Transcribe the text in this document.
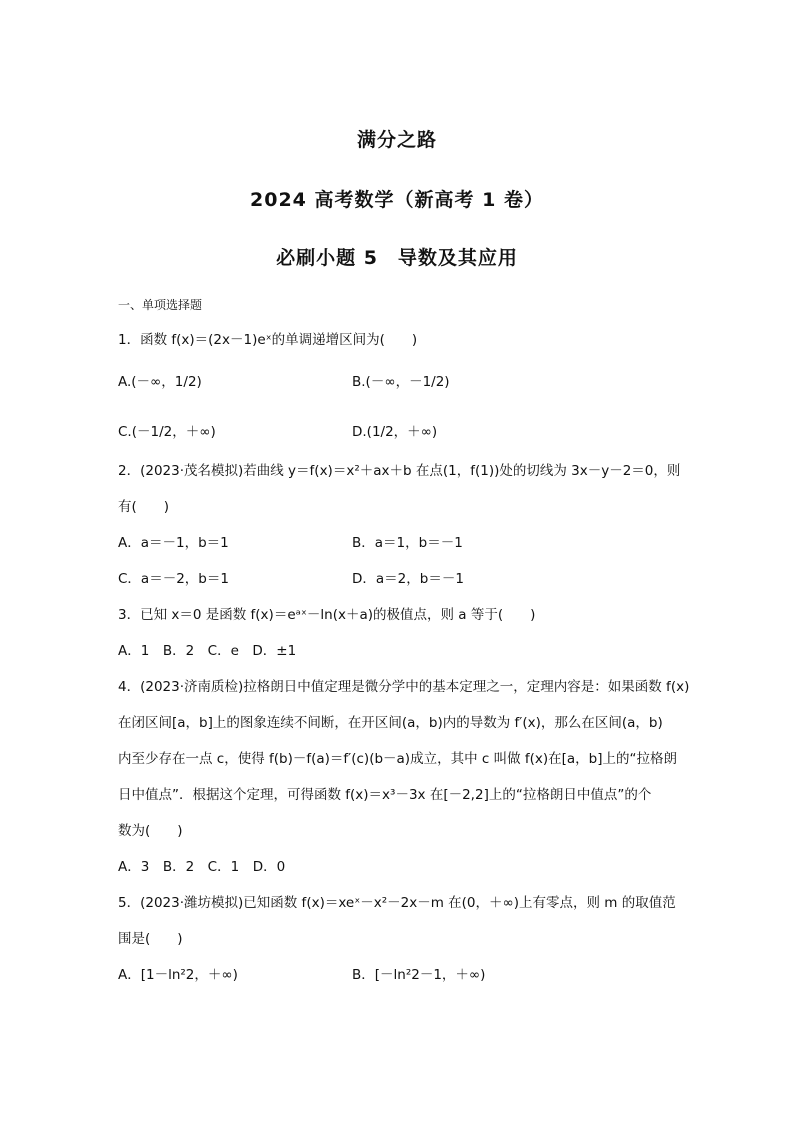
满分之路
2024 高考数学（新高考 1 卷）
必刷小题 5　导数及其应用
一、单项选择题
1．函数 f(x)＝(2x－1)eˣ的单调递增区间为(　　)
A.(－∞，1/2)	B.(－∞，－1/2)
C.(－1/2，＋∞)	D.(1/2，＋∞)
2．(2023·茂名模拟)若曲线 y＝f(x)＝x²＋ax＋b 在点(1，f(1))处的切线为 3x－y－2＝0，则
有(　　)
A．a＝－1，b＝1	B．a＝1，b＝－1
C．a＝－2，b＝1	D．a＝2，b＝－1
3．已知 x＝0 是函数 f(x)＝eᵃˣ－ln(x＋a)的极值点，则 a 等于(　　)
A．1　B．2　C．e　D．±1
4．(2023·济南质检)拉格朗日中值定理是微分学中的基本定理之一，定理内容是：如果函数 f(x)
在闭区间[a，b]上的图象连续不间断，在开区间(a，b)内的导数为 f′(x)，那么在区间(a，b)
内至少存在一点 c，使得 f(b)－f(a)＝f′(c)(b－a)成立，其中 c 叫做 f(x)在[a，b]上的“拉格朗
日中值点”．根据这个定理，可得函数 f(x)＝x³－3x 在[－2,2]上的“拉格朗日中值点”的个
数为(　　)
A．3　B．2　C．1　D．0
5．(2023·潍坊模拟)已知函数 f(x)＝xeˣ－x²－2x－m 在(0，＋∞)上有零点，则 m 的取值范
围是(　　)
A．[1－ln²2，＋∞)	B．[－ln²2－1，＋∞)
